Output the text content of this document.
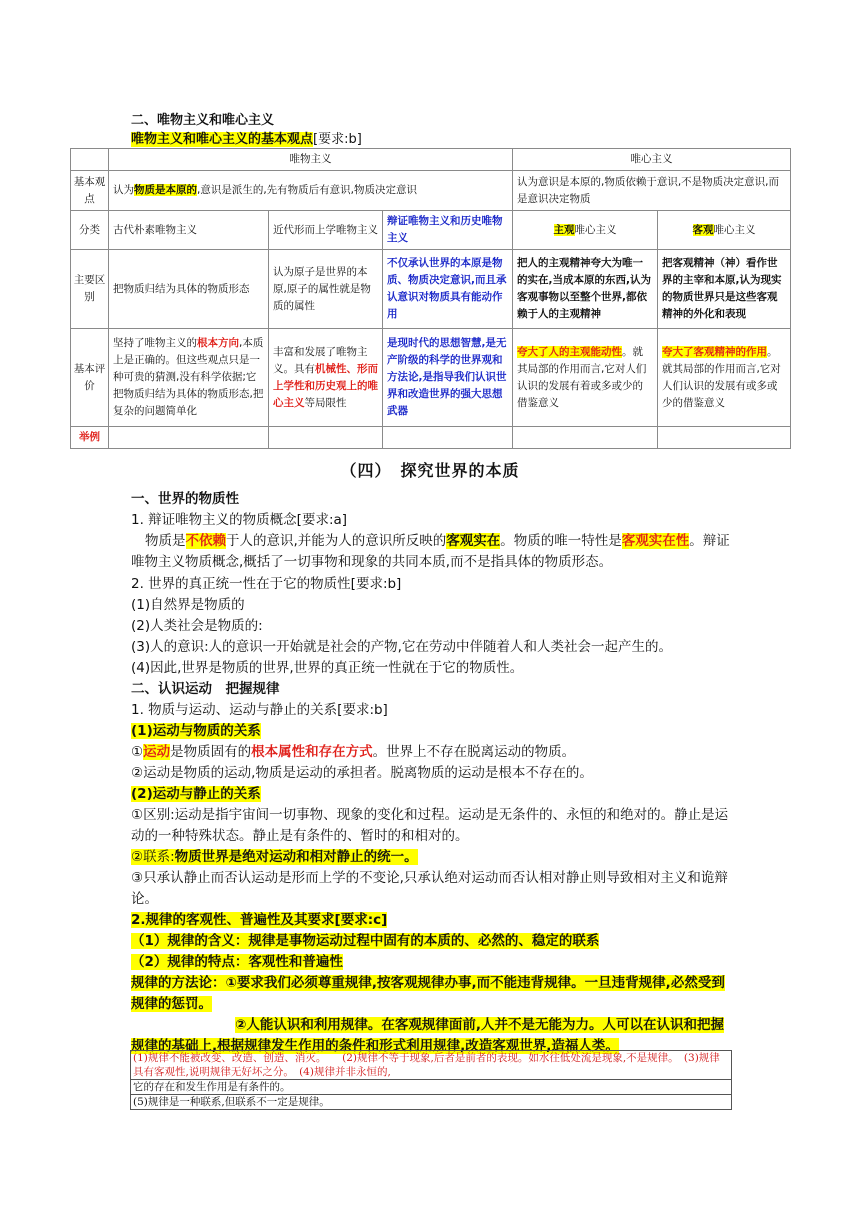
二、唯物主义和唯心主义
唯物主义和唯心主义的基本观点[要求:b]
	唯物主义			唯心主义	
基本观点	认为物质是本原的,意识是派生的,先有物质后有意识,物质决定意识			认为意识是本原的,物质依赖于意识,不是物质决定意识,而是意识决定物质	
分类	古代朴素唯物主义	近代形而上学唯物主义	辩证唯物主义和历史唯物主义	主观唯心主义	客观唯心主义
主要区别	把物质归结为具体的物质形态	认为原子是世界的本原,原子的属性就是物质的属性	不仅承认世界的本原是物质、物质决定意识,而且承认意识对物质具有能动作用	把人的主观精神夸大为唯一的实在,当成本原的东西,认为客观事物以至整个世界,都依赖于人的主观精神	把客观精神（神）看作世界的主宰和本原,认为现实的物质世界只是这些客观精神的外化和表现
基本评价	坚持了唯物主义的根本方向,本质上是正确的。但这些观点只是一种可贵的猜测,没有科学依据;它把物质归结为具体的物质形态,把复杂的问题简单化	丰富和发展了唯物主义。具有机械性、形而上学性和历史观上的唯心主义等局限性	是现时代的思想智慧,是无产阶级的科学的世界观和方法论,是指导我们认识世界和改造世界的强大思想武器	夸大了人的主观能动性。就其局部的作用而言,它对人们认识的发展有着或多或少的借鉴意义	夸大了客观精神的作用。就其局部的作用而言,它对人们认识的发展有或多或少的借鉴意义
举例					
（四）　探究世界的本质
一、世界的物质性
1. 辩证唯物主义的物质概念[要求:a]
物质是不依赖于人的意识,并能为人的意识所反映的客观实在。物质的唯一特性是客观实在性。辩证唯物主义物质概念,概括了一切事物和现象的共同本质,而不是指具体的物质形态。
2. 世界的真正统一性在于它的物质性[要求:b]
(1)自然界是物质的
(2)人类社会是物质的:
(3)人的意识:人的意识一开始就是社会的产物,它在劳动中伴随着人和人类社会一起产生的。
(4)因此,世界是物质的世界,世界的真正统一性就在于它的物质性。
二、认识运动　把握规律
1. 物质与运动、运动与静止的关系[要求:b]
(1)运动与物质的关系
①运动是物质固有的根本属性和存在方式。世界上不存在脱离运动的物质。
②运动是物质的运动,物质是运动的承担者。脱离物质的运动是根本不存在的。
(2)运动与静止的关系
①区别:运动是指宇宙间一切事物、现象的变化和过程。运动是无条件的、永恒的和绝对的。静止是运动的一种特殊状态。静止是有条件的、暂时的和相对的。
②联系:物质世界是绝对运动和相对静止的统一。
③只承认静止而否认运动是形而上学的不变论,只承认绝对运动而否认相对静止则导致相对主义和诡辩论。
2.规律的客观性、普遍性及其要求[要求:c]
（1）规律的含义：规律是事物运动过程中固有的本质的、必然的、稳定的联系
（2）规律的特点：客观性和普遍性
规律的方法论：①要求我们必须尊重规律,按客观规律办事,而不能违背规律。一旦违背规律,必然受到规律的惩罚。
②人能认识和利用规律。在客观规律面前,人并不是无能为力。人可以在认识和把握规律的基础上,根据规律发生作用的条件和形式利用规律,改造客观世界,造福人类。
(1)规律不能被改变、改造、创造、消灭。　　(2)规律不等于现象,后者是前者的表现。如水往低处流是现象,不是规律。　(3)规律具有客观性,说明规律无好坏之分。　(4)规律并非永恒的,
它的存在和发生作用是有条件的。
(5)规律是一种联系,但联系不一定是规律。
